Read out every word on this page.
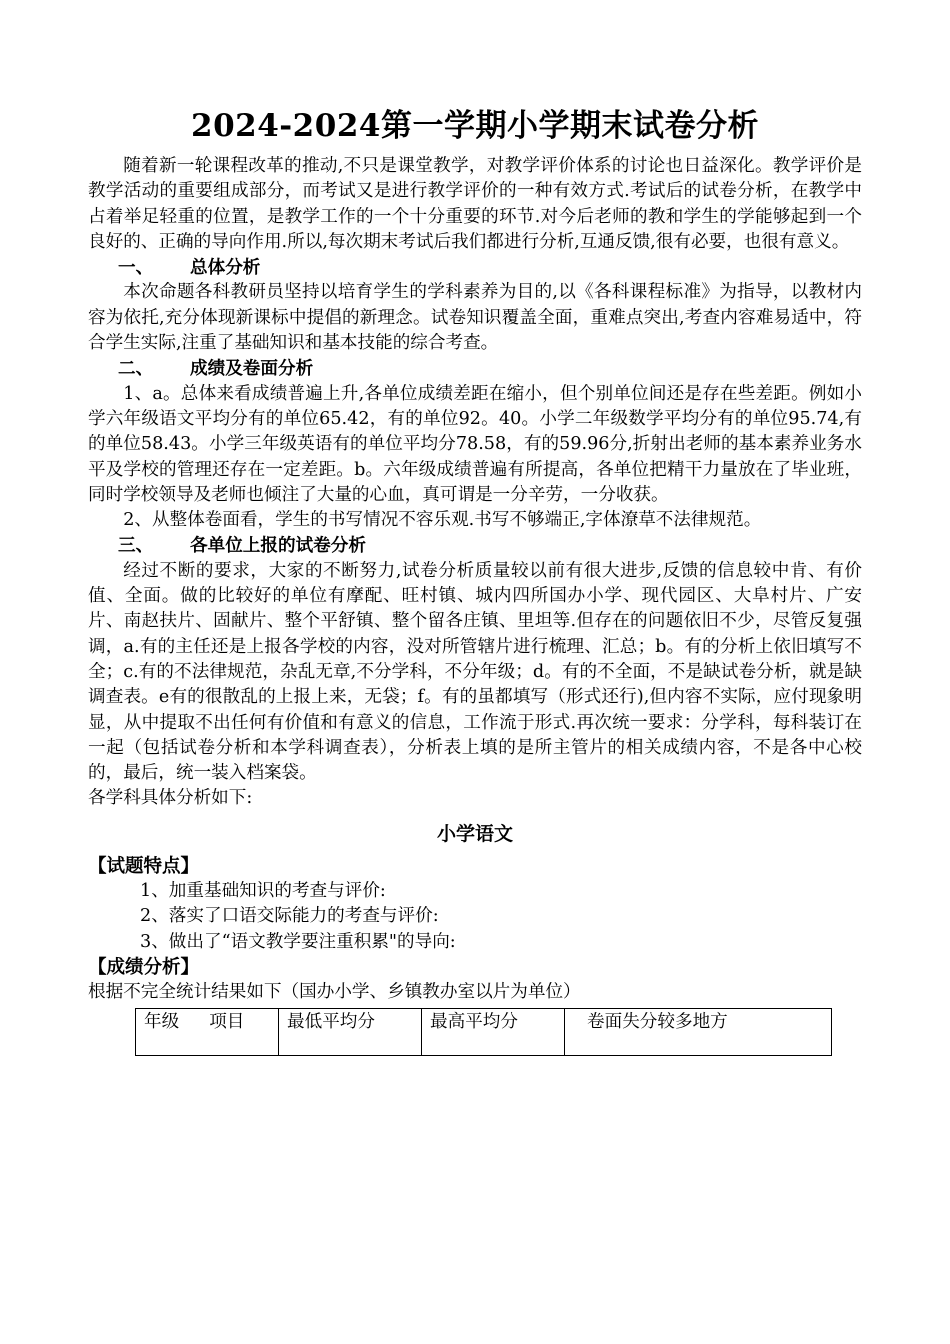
2024-2024第一学期小学期末试卷分析

随着新一轮课程改革的推动,不只是课堂教学，对教学评价体系的讨论也日益深化。教学评价是教学活动的重要组成部分，而考试又是进行教学评价的一种有效方式.考试后的试卷分析，在教学中占着举足轻重的位置，是教学工作的一个十分重要的环节.对今后老师的教和学生的学能够起到一个良好的、正确的导向作用.所以,每次期末考试后我们都进行分析,互通反馈,很有必要，也很有意义。

一、 总体分析

本次命题各科教研员坚持以培育学生的学科素养为目的,以《各科课程标准》为指导，以教材内容为依托,充分体现新课标中提倡的新理念。试卷知识覆盖全面，重难点突出,考查内容难易适中，符合学生实际,注重了基础知识和基本技能的综合考查。

二、 成绩及卷面分析

1、a。总体来看成绩普遍上升,各单位成绩差距在缩小，但个别单位间还是存在些差距。例如小学六年级语文平均分有的单位65.42，有的单位92。40。小学二年级数学平均分有的单位95.74,有的单位58.43。小学三年级英语有的单位平均分78.58，有的59.96分,折射出老师的基本素养业务水平及学校的管理还存在一定差距。b。六年级成绩普遍有所提高，各单位把精干力量放在了毕业班，同时学校领导及老师也倾注了大量的心血，真可谓是一分辛劳，一分收获。

2、从整体卷面看，学生的书写情况不容乐观.书写不够端正,字体潦草不法律规范。

三、 各单位上报的试卷分析

经过不断的要求，大家的不断努力,试卷分析质量较以前有很大进步,反馈的信息较中肯、有价值、全面。做的比较好的单位有摩配、旺村镇、城内四所国办小学、现代园区、大阜村片、广安片、南赵扶片、固献片、整个平舒镇、整个留各庄镇、里坦等.但存在的问题依旧不少，尽管反复强调，a.有的主任还是上报各学校的内容，没对所管辖片进行梳理、汇总；b。有的分析上依旧填写不全；c.有的不法律规范，杂乱无章,不分学科，不分年级；d。有的不全面，不是缺试卷分析，就是缺调查表。e有的很散乱的上报上来，无袋；f。有的虽都填写（形式还行),但内容不实际，应付现象明显，从中提取不出任何有价值和有意义的信息，工作流于形式.再次统一要求：分学科，每科装订在一起（包括试卷分析和本学科调查表），分析表上填的是所主管片的相关成绩内容，不是各中心校的，最后，统一装入档案袋。

各学科具体分析如下:

小学语文

【试题特点】

1、加重基础知识的考查与评价:

2、落实了口语交际能力的考查与评价:

3、做出了“语文教学要注重积累"的导向:

【成绩分析】

根据不完全统计结果如下（国办小学、乡镇教办室以片为单位）

年级 项目	最低平均分	最高平均分	卷面失分较多地方
